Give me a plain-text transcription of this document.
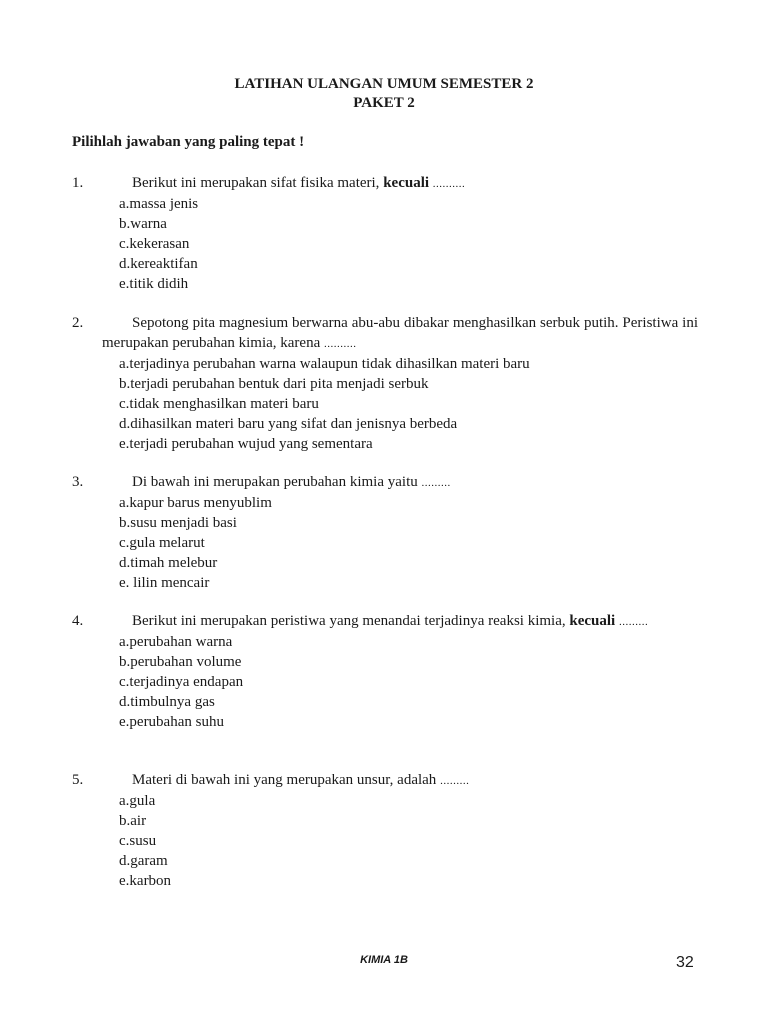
LATIHAN ULANGAN UMUM SEMESTER 2
PAKET 2
Pilihlah jawaban yang paling tepat !
1.	Berikut ini merupakan sifat fisika materi, kecuali ..........
a.massa jenis
b.warna
c.kekerasan
d.kereaktifan
e.titik didih
2.	Sepotong pita magnesium berwarna abu-abu dibakar menghasilkan serbuk putih. Peristiwa ini merupakan perubahan kimia, karena ..........
a.terjadinya perubahan warna walaupun tidak dihasilkan materi baru
b.terjadi perubahan bentuk dari pita menjadi serbuk
c.tidak menghasilkan materi baru
d.dihasilkan materi baru yang sifat dan jenisnya berbeda
e.terjadi perubahan wujud yang sementara
3.	Di bawah ini merupakan perubahan kimia yaitu .........
a.kapur barus menyublim
b.susu menjadi basi
c.gula melarut
d.timah melebur
e. lilin mencair
4.	Berikut ini merupakan peristiwa yang menandai terjadinya reaksi kimia, kecuali .........
a.perubahan warna
b.perubahan volume
c.terjadinya endapan
d.timbulnya gas
e.perubahan suhu
5.	Materi di bawah ini yang merupakan unsur, adalah .........
a.gula
b.air
c.susu
d.garam
e.karbon
KIMIA 1B	32
